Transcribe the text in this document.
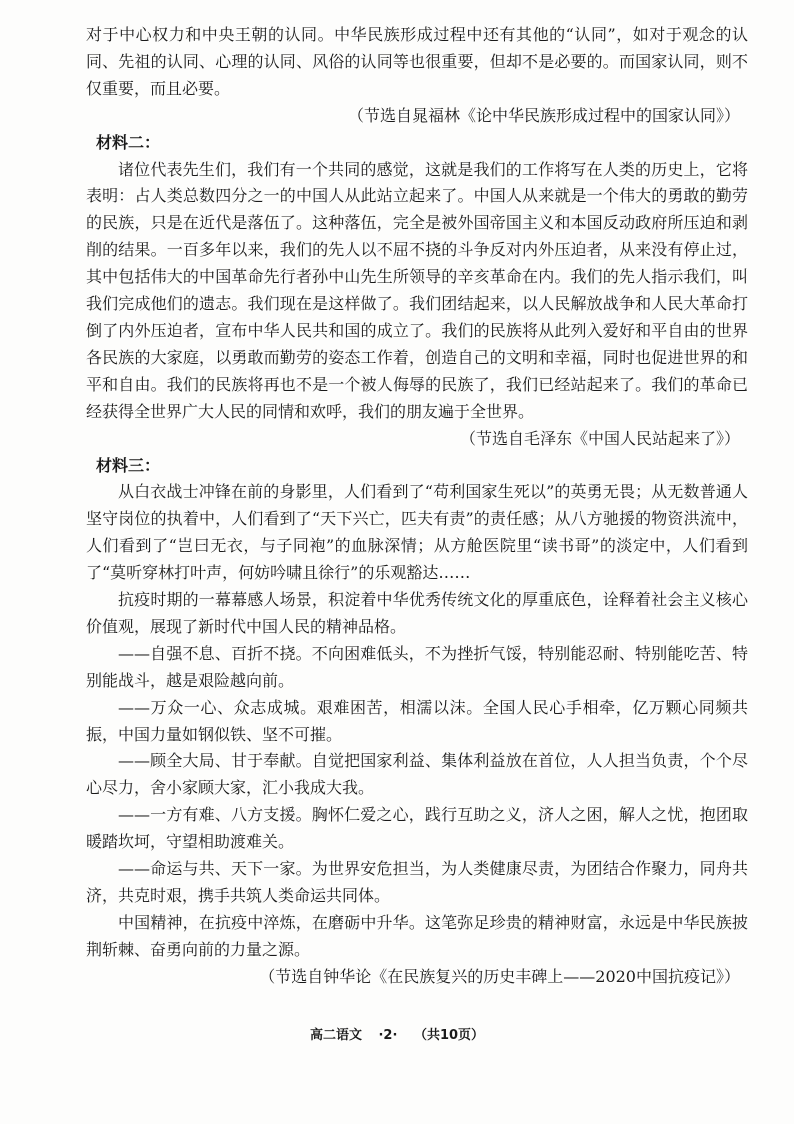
对于中心权力和中央王朝的认同。中华民族形成过程中还有其他的“认同”，如对于观念的认同、先祖的认同、心理的认同、风俗的认同等也很重要，但却不是必要的。而国家认同，则不仅重要，而且必要。

（节选自晁福林《论中华民族形成过程中的国家认同》）

材料二：

诸位代表先生们，我们有一个共同的感觉，这就是我们的工作将写在人类的历史上，它将表明：占人类总数四分之一的中国人从此站立起来了。中国人从来就是一个伟大的勇敢的勤劳的民族，只是在近代是落伍了。这种落伍，完全是被外国帝国主义和本国反动政府所压迫和剥削的结果。一百多年以来，我们的先人以不屈不挠的斗争反对内外压迫者，从来没有停止过，其中包括伟大的中国革命先行者孙中山先生所领导的辛亥革命在内。我们的先人指示我们，叫我们完成他们的遗志。我们现在是这样做了。我们团结起来，以人民解放战争和人民大革命打倒了内外压迫者，宣布中华人民共和国的成立了。我们的民族将从此列入爱好和平自由的世界各民族的大家庭，以勇敢而勤劳的姿态工作着，创造自己的文明和幸福，同时也促进世界的和平和自由。我们的民族将再也不是一个被人侮辱的民族了，我们已经站起来了。我们的革命已经获得全世界广大人民的同情和欢呼，我们的朋友遍于全世界。

（节选自毛泽东《中国人民站起来了》）

材料三：

从白衣战士冲锋在前的身影里，人们看到了“苟利国家生死以”的英勇无畏；从无数普通人坚守岗位的执着中，人们看到了“天下兴亡，匹夫有责”的责任感；从八方驰援的物资洪流中，人们看到了“岂曰无衣，与子同袍”的血脉深情；从方舱医院里“读书哥”的淡定中，人们看到了“莫听穿林打叶声，何妨吟啸且徐行”的乐观豁达……

抗疫时期的一幕幕感人场景，积淀着中华优秀传统文化的厚重底色，诠释着社会主义核心价值观，展现了新时代中国人民的精神品格。

——自强不息、百折不挠。不向困难低头，不为挫折气馁，特别能忍耐、特别能吃苦、特别能战斗，越是艰险越向前。

——万众一心、众志成城。艰难困苦，相濡以沫。全国人民心手相牵，亿万颗心同频共振，中国力量如钢似铁、坚不可摧。

——顾全大局、甘于奉献。自觉把国家利益、集体利益放在首位，人人担当负责，个个尽心尽力，舍小家顾大家，汇小我成大我。

——一方有难、八方支援。胸怀仁爱之心，践行互助之义，济人之困，解人之忧，抱团取暖踏坎坷，守望相助渡难关。

——命运与共、天下一家。为世界安危担当，为人类健康尽责，为团结合作聚力，同舟共济，共克时艰，携手共筑人类命运共同体。

中国精神，在抗疫中淬炼，在磨砺中升华。这笔弥足珍贵的精神财富，永远是中华民族披荆斩棘、奋勇向前的力量之源。

（节选自钟华论《在民族复兴的历史丰碑上——2020中国抗疫记》）

高二语文 ·2· （共10页）
